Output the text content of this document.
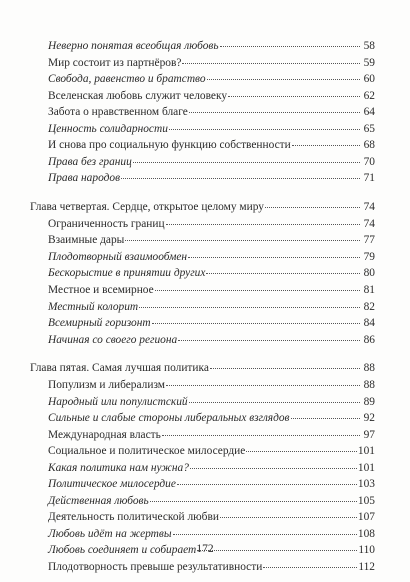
Неверно понятая всеобщая любовь	58
Мир состоит из партнёров?	59
Свобода, равенство и братство	60
Вселенская любовь служит человеку	62
Забота о нравственном благе	64
Ценность солидарности	65
И снова про социальную функцию собственности	68
Права без границ	70
Права народов	71
Глава четвертая. Сердце, открытое целому миру	74
Ограниченность границ	74
Взаимные дары	77
Плодотворный взаимообмен	79
Бескорыстие в принятии других	80
Местное и всемирное	81
Местный колорит	82
Всемирный горизонт	84
Начиная со своего региона	86
Глава пятая. Самая лучшая политика	88
Популизм и либерализм	88
Народный или популистский	89
Сильные и слабые стороны либеральных взглядов	92
Международная власть	97
Социальное и политическое милосердие	101
Какая политика нам нужна?	101
Политическое милосердие	103
Действенная любовь	105
Деятельность политической любви	107
Любовь идёт на жертвы	108
Любовь соединяет и собирает	110
Плодотворность превыше результативности	112
172
